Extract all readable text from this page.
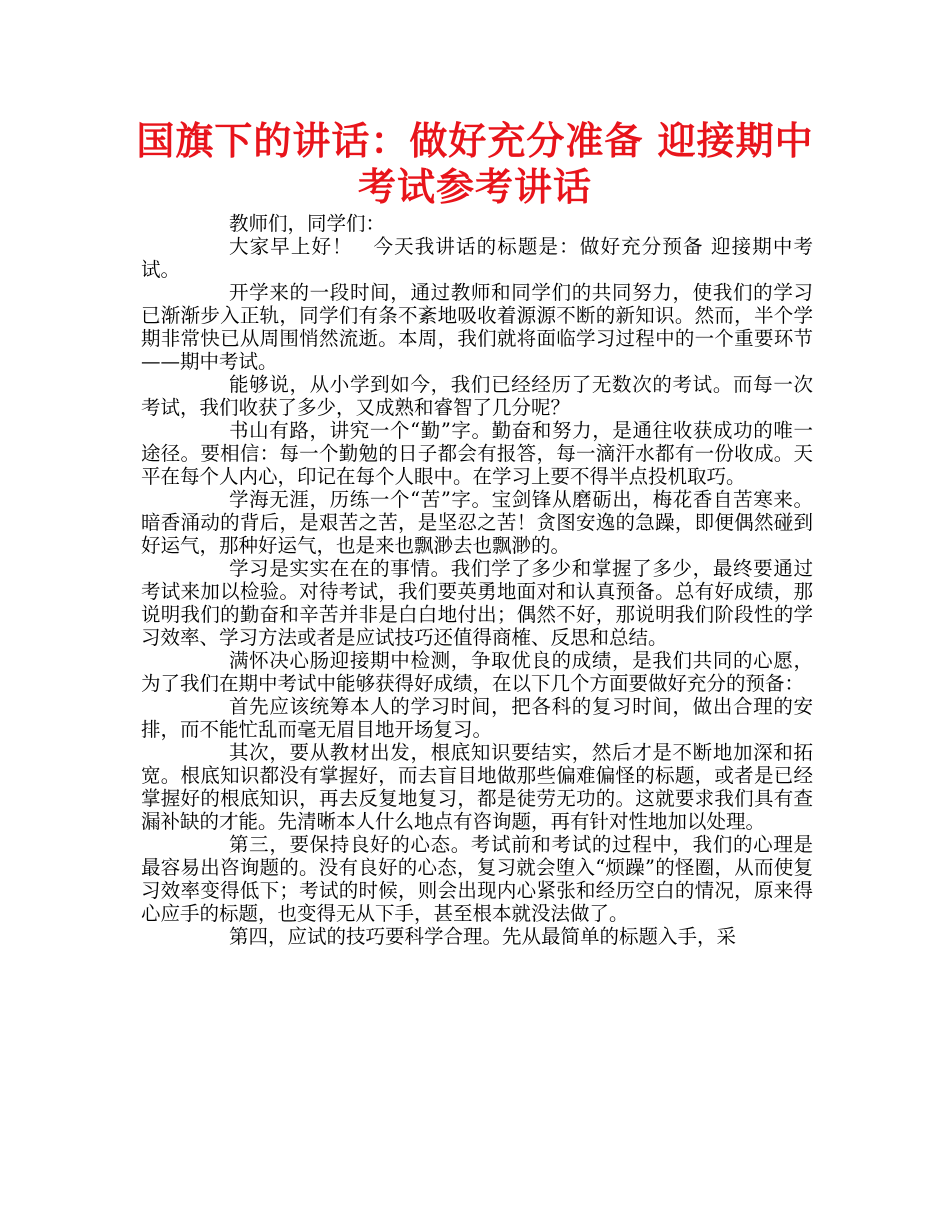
国旗下的讲话：做好充分准备 迎接期中考试参考讲话

教师们，同学们：

大家早上好！　今天我讲话的标题是：做好充分预备 迎接期中考试。

开学来的一段时间，通过教师和同学们的共同努力，使我们的学习已渐渐步入正轨，同学们有条不紊地吸收着源源不断的新知识。然而，半个学期非常快已从周围悄然流逝。本周，我们就将面临学习过程中的一个重要环节——期中考试。

能够说，从小学到如今，我们已经经历了无数次的考试。而每一次考试，我们收获了多少，又成熟和睿智了几分呢？

书山有路，讲究一个“勤”字。勤奋和努力，是通往收获成功的唯一途径。要相信：每一个勤勉的日子都会有报答，每一滴汗水都有一份收成。天平在每个人内心，印记在每个人眼中。在学习上要不得半点投机取巧。

学海无涯，历练一个“苦”字。宝剑锋从磨砺出，梅花香自苦寒来。暗香涌动的背后，是艰苦之苦，是坚忍之苦！贪图安逸的急躁，即便偶然碰到好运气，那种好运气，也是来也飘渺去也飘渺的。

学习是实实在在的事情。我们学了多少和掌握了多少，最终要通过考试来加以检验。对待考试，我们要英勇地面对和认真预备。总有好成绩，那说明我们的勤奋和辛苦并非是白白地付出；偶然不好，那说明我们阶段性的学习效率、学习方法或者是应试技巧还值得商榷、反思和总结。

满怀决心肠迎接期中检测，争取优良的成绩，是我们共同的心愿，为了我们在期中考试中能够获得好成绩，在以下几个方面要做好充分的预备：

首先应该统筹本人的学习时间，把各科的复习时间，做出合理的安排，而不能忙乱而毫无眉目地开场复习。

其次，要从教材出发，根底知识要结实，然后才是不断地加深和拓宽。根底知识都没有掌握好，而去盲目地做那些偏难偏怪的标题，或者是已经掌握好的根底知识，再去反复地复习，都是徒劳无功的。这就要求我们具有查漏补缺的才能。先清晰本人什么地点有咨询题，再有针对性地加以处理。

第三，要保持良好的心态。考试前和考试的过程中，我们的心理是最容易出咨询题的。没有良好的心态，复习就会堕入“烦躁”的怪圈，从而使复习效率变得低下；考试的时候，则会出现内心紧张和经历空白的情况，原来得心应手的标题，也变得无从下手，甚至根本就没法做了。

第四，应试的技巧要科学合理。先从最简单的标题入手，采
